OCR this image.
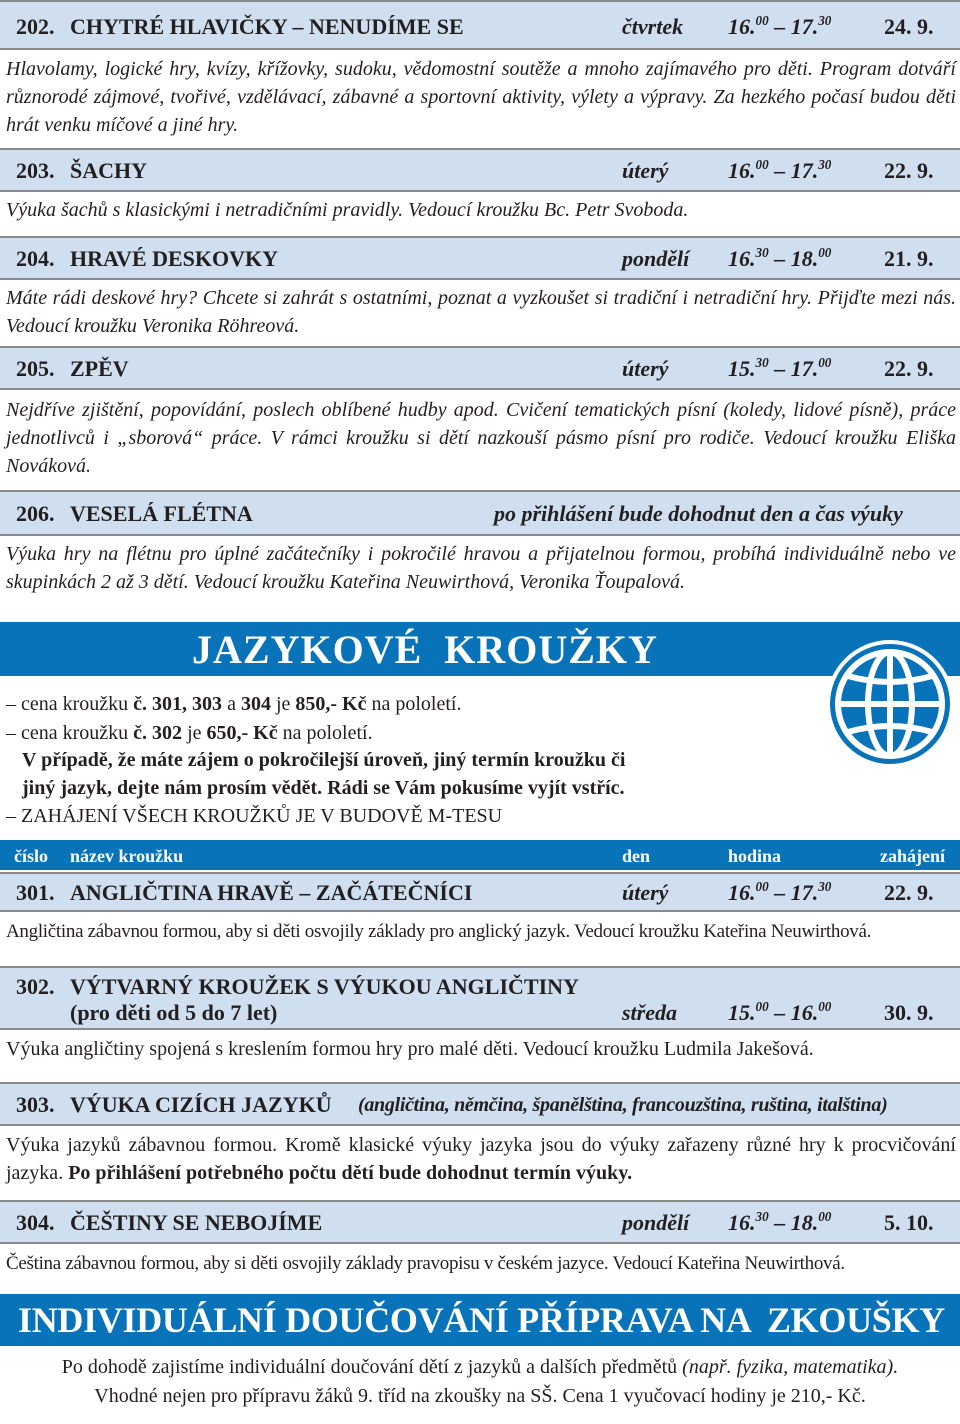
202. CHYTRÉ HLAVIČKY – NENUDÍME SE	čtvrtek 16.00 – 17.30 24. 9.
Hlavolamy, logické hry, kvízy, křížovky, sudoku, vědomostní soutěže a mnoho zajímavého pro děti. Program dotváří různorodé zájmové, tvořivé, vzdělávací, zábavné a sportovní aktivity, výlety a výpravy. Za hezkého počasí budou děti hrát venku míčové a jiné hry.
203. ŠACHY	úterý	16.00 – 17.30 22. 9.
Výuka šachů s klasickými i netradičními pravidly. Vedoucí kroužku Bc. Petr Svoboda.
204. HRAVÉ DESKOVKY	pondělí 16.30 – 18.00 21. 9.
Máte rádi deskové hry? Chcete si zahrát s ostatními, poznat a vyzkoušet si tradiční i netradiční hry. Přijďte mezi nás. Vedoucí kroužku Veronika Röhreová.
205. ZPĚV	úterý	15.30 – 17.00 22. 9.
Nejdříve zjištění, popovídání, poslech oblíbené hudby apod. Cvičení tematických písní (koledy, lidové písně), práce jednotlivců i „sborová“ práce. V rámci kroužku si dětí nazkouší pásmo písní pro rodiče. Vedoucí kroužku Eliška Nováková.
206. VESELÁ FLÉTNA	po přihlášení bude dohodnut den a čas výuky
Výuka hry na flétnu pro úplné začátečníky i pokročilé hravou a přijatelnou formou, probíhá individuálně nebo ve skupinkách 2 až 3 dětí. Vedoucí kroužku Kateřina Neuwirthová, Veronika Ťoupalová.
JAZYKOVÉ  KROUŽKY
– cena kroužku č. 301, 303 a 304 je 850,- Kč na pololetí.
– cena kroužku č. 302 je 650,- Kč na pololetí.
V případě, že máte zájem o pokročilejší úroveň, jiný termín kroužku či
jiný jazyk, dejte nám prosím vědět. Rádi se Vám pokusíme vyjít vstříc.
– ZAHÁJENÍ VŠECH KROUŽKŮ JE V BUDOVĚ M-TESU
číslo název kroužku	den	hodina	zahájení
301. ANGLIČTINA HRAVĚ – ZAČÁTEČNÍCI	úterý	16.00 – 17.30 22. 9.
Angličtina zábavnou formou, aby si děti osvojily základy pro anglický jazyk. Vedoucí kroužku Kateřina Neuwirthová.
302. VÝTVARNÝ KROUŽEK S VÝUKOU ANGLIČTINY
(pro děti od 5 do 7 let)	středa 15.00 – 16.00 30. 9.
Výuka angličtiny spojená s kreslením formou hry pro malé děti. Vedoucí kroužku Ludmila Jakešová.
303. VÝUKA CIZÍCH JAZYKŮ (angličtina, němčina, španělština, francouzština, ruština, italština)
Výuka jazyků zábavnou formou. Kromě klasické výuky jazyka jsou do výuky zařazeny různé hry k procvičování jazyka. Po přihlášení potřebného počtu dětí bude dohodnut termín výuky.
304. ČEŠTINY SE NEBOJÍME	pondělí 16.30 – 18.00 5. 10.
Čeština zábavnou formou, aby si děti osvojily základy pravopisu v českém jazyce. Vedoucí Kateřina Neuwirthová.
INDIVIDUÁLNÍ DOUČOVÁNÍ PŘÍPRAVA NA  ZKOUŠKY
Po dohodě zajistíme individuální doučování dětí z jazyků a dalších předmětů (např. fyzika, matematika).
Vhodné nejen pro přípravu žáků 9. tříd na zkoušky na SŠ. Cena 1 vyučovací hodiny je 210,- Kč.
